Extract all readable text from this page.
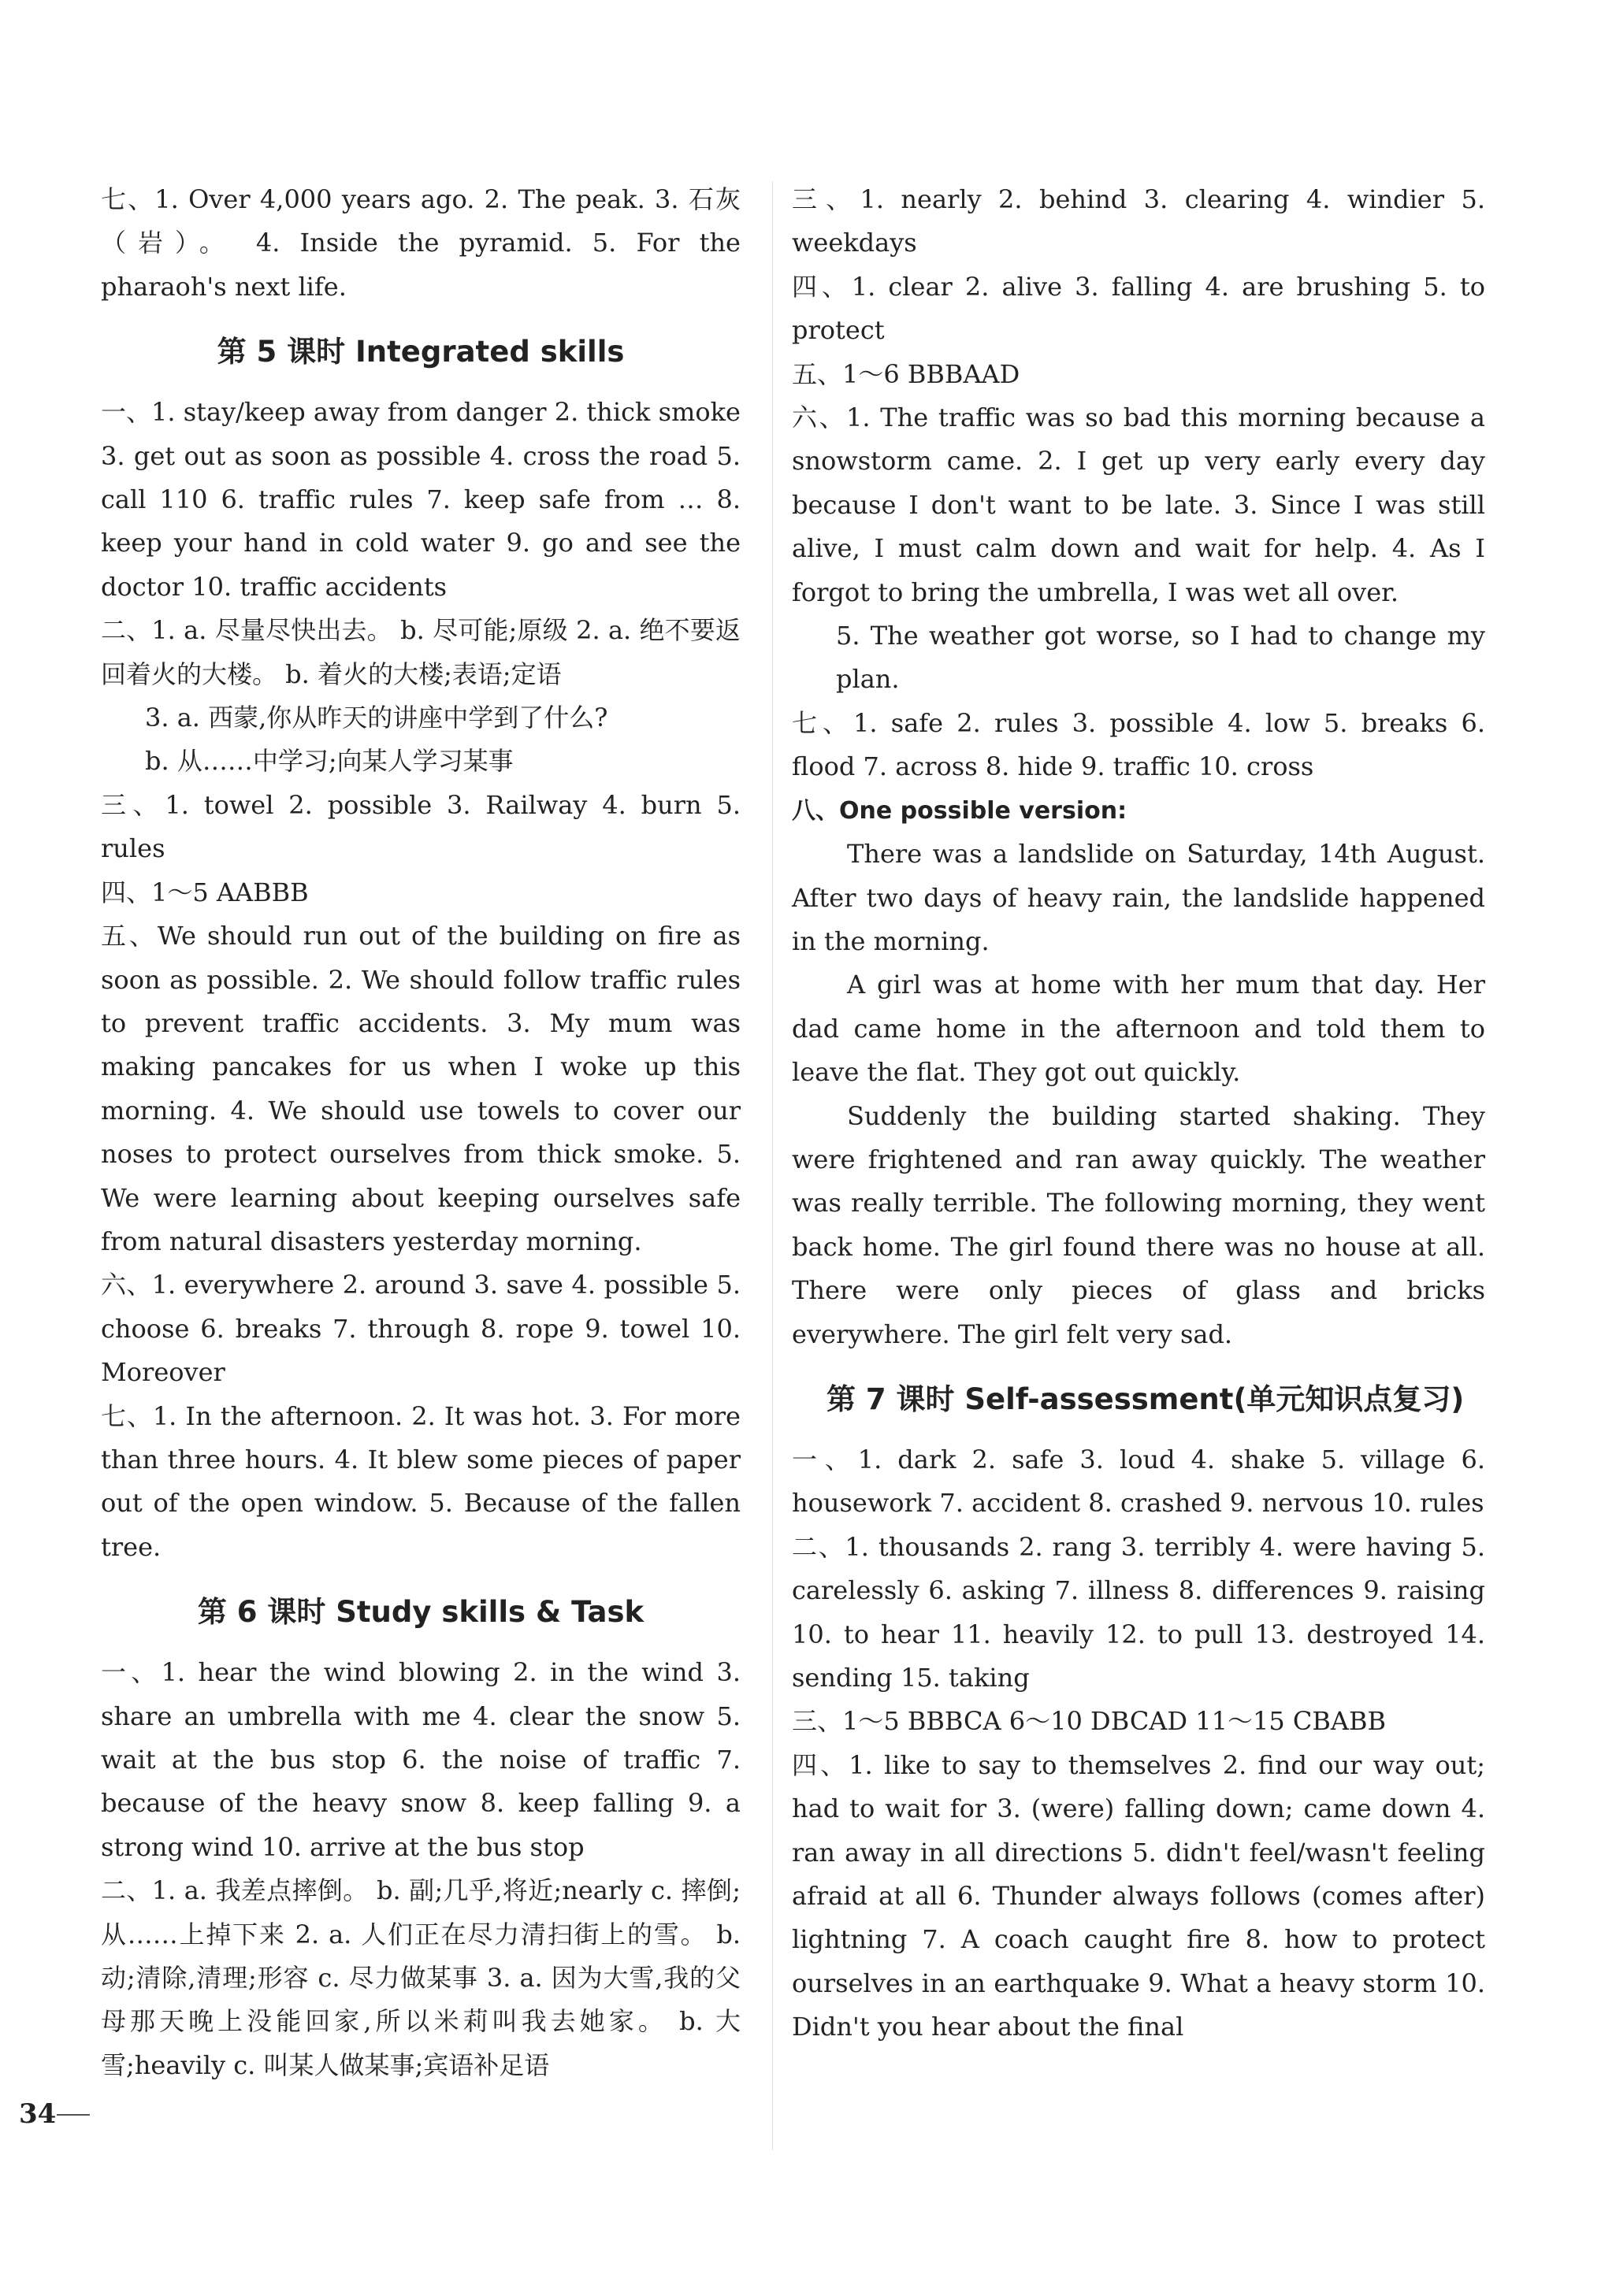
七、1. Over 4,000 years ago. 2. The peak. 3. 石灰（岩）。 4. Inside the pyramid. 5. For the pharaoh's next life.

第 5 课时 Integrated skills

一、1. stay/keep away from danger 2. thick smoke 3. get out as soon as possible 4. cross the road 5. call 110 6. traffic rules 7. keep safe from … 8. keep your hand in cold water 9. go and see the doctor 10. traffic accidents

二、1. a. 尽量尽快出去。 b. 尽可能;原级 2. a. 绝不要返回着火的大楼。 b. 着火的大楼;表语;定语

3. a. 西蒙,你从昨天的讲座中学到了什么?

b. 从……中学习;向某人学习某事

三、1. towel 2. possible 3. Railway 4. burn 5. rules

四、1～5 AABBB

五、We should run out of the building on fire as soon as possible. 2. We should follow traffic rules to prevent traffic accidents. 3. My mum was making pancakes for us when I woke up this morning. 4. We should use towels to cover our noses to protect ourselves from thick smoke. 5. We were learning about keeping ourselves safe from natural disasters yesterday morning.

六、1. everywhere 2. around 3. save 4. possible 5. choose 6. breaks 7. through 8. rope 9. towel 10. Moreover

七、1. In the afternoon. 2. It was hot. 3. For more than three hours. 4. It blew some pieces of paper out of the open window. 5. Because of the fallen tree.

第 6 课时 Study skills & Task

一、1. hear the wind blowing 2. in the wind 3. share an umbrella with me 4. clear the snow 5. wait at the bus stop 6. the noise of traffic 7. because of the heavy snow 8. keep falling 9. a strong wind 10. arrive at the bus stop

二、1. a. 我差点摔倒。 b. 副;几乎,将近;nearly c. 摔倒;从……上掉下来 2. a. 人们正在尽力清扫街上的雪。 b. 动;清除,清理;形容 c. 尽力做某事 3. a. 因为大雪,我的父母那天晚上没能回家,所以米莉叫我去她家。 b. 大雪;heavily c. 叫某人做某事;宾语补足语

三、1. nearly 2. behind 3. clearing 4. windier 5. weekdays

四、1. clear 2. alive 3. falling 4. are brushing 5. to protect

五、1～6 BBBAAD

六、1. The traffic was so bad this morning because a snowstorm came. 2. I get up very early every day because I don't want to be late. 3. Since I was still alive, I must calm down and wait for help. 4. As I forgot to bring the umbrella, I was wet all over.

5. The weather got worse, so I had to change my plan.

七、1. safe 2. rules 3. possible 4. low 5. breaks 6. flood 7. across 8. hide 9. traffic 10. cross

八、One possible version:

There was a landslide on Saturday, 14th August. After two days of heavy rain, the landslide happened in the morning.

A girl was at home with her mum that day. Her dad came home in the afternoon and told them to leave the flat. They got out quickly.

Suddenly the building started shaking. They were frightened and ran away quickly. The weather was really terrible. The following morning, they went back home. The girl found there was no house at all. There were only pieces of glass and bricks everywhere. The girl felt very sad.

第 7 课时 Self-assessment(单元知识点复习)

一、1. dark 2. safe 3. loud 4. shake 5. village 6. housework 7. accident 8. crashed 9. nervous 10. rules

二、1. thousands 2. rang 3. terribly 4. were having 5. carelessly 6. asking 7. illness 8. differences 9. raising 10. to hear 11. heavily 12. to pull 13. destroyed 14. sending 15. taking

三、1～5 BBBCA 6～10 DBCAD 11～15 CBABB

四、1. like to say to themselves 2. find our way out; had to wait for 3. (were) falling down; came down 4. ran away in all directions 5. didn't feel/wasn't feeling afraid at all 6. Thunder always follows (comes after) lightning 7. A coach caught fire 8. how to protect ourselves in an earthquake 9. What a heavy storm 10. Didn't you hear about the final

34
